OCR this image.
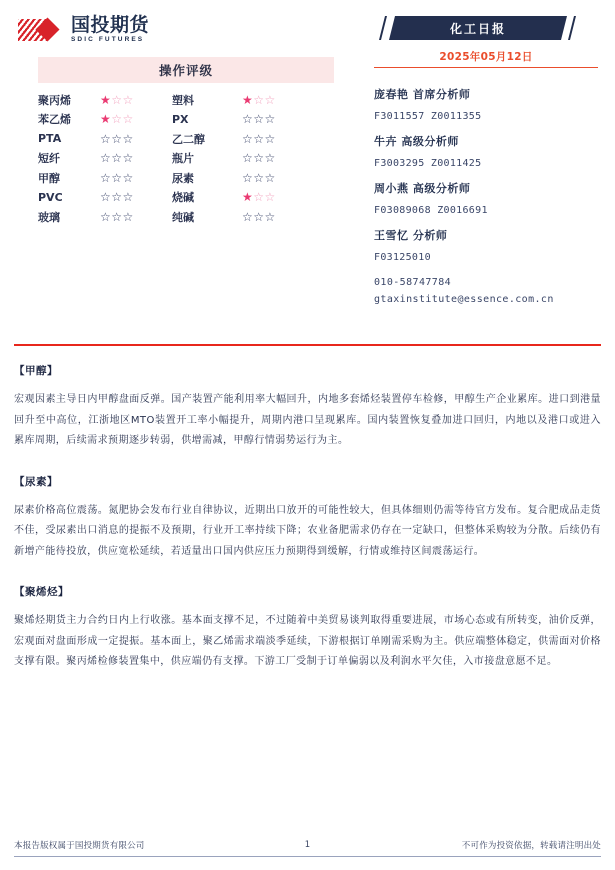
国投期货
SDIC FUTURES
操作评级
聚丙烯	★☆☆	塑料	★☆☆
苯乙烯	★☆☆	PX	☆☆☆
PTA	☆☆☆	乙二醇	☆☆☆
短纤	☆☆☆	瓶片	☆☆☆
甲醇	☆☆☆	尿素	☆☆☆
PVC	☆☆☆	烧碱	★☆☆
玻璃	☆☆☆	纯碱	☆☆☆
化工日报
2025年05月12日
庞春艳 首席分析师
F3011557 Z0011355
牛卉 高级分析师
F3003295 Z0011425
周小燕 高级分析师
F03089068 Z0016691
王雪忆 分析师
F03125010
010-58747784
gtaxinstitute@essence.com.cn
【甲醇】
宏观因素主导日内甲醇盘面反弹。国产装置产能利用率大幅回升，内地多套烯烃装置停车检修，甲醇生产企业累库。进口到港量回升至中高位，江浙地区MTO装置开工率小幅提升，周期内港口呈现累库。国内装置恢复叠加进口回归，内地以及港口或进入累库周期，后续需求预期逐步转弱，供增需减，甲醇行情弱势运行为主。
【尿素】
尿素价格高位震荡。氮肥协会发布行业自律协议，近期出口放开的可能性较大，但具体细则仍需等待官方发布。复合肥成品走货不佳，受尿素出口消息的提振不及预期，行业开工率持续下降；农业备肥需求仍存在一定缺口，但整体采购较为分散。后续仍有新增产能待投放，供应宽松延续，若适量出口国内供应压力预期得到缓解，行情或维持区间震荡运行。
【聚烯烃】
聚烯烃期货主力合约日内上行收涨。基本面支撑不足，不过随着中美贸易谈判取得重要进展，市场心态或有所转变，油价反弹，宏观面对盘面形成一定提振。基本面上，聚乙烯需求端淡季延续，下游根据订单刚需采购为主。供应端整体稳定，供需面对价格支撑有限。聚丙烯检修装置集中，供应端仍有支撑。下游工厂受制于订单偏弱以及利润水平欠佳，入市接盘意愿不足。
本报告版权属于国投期货有限公司	1	不可作为投资依据，转载请注明出处
